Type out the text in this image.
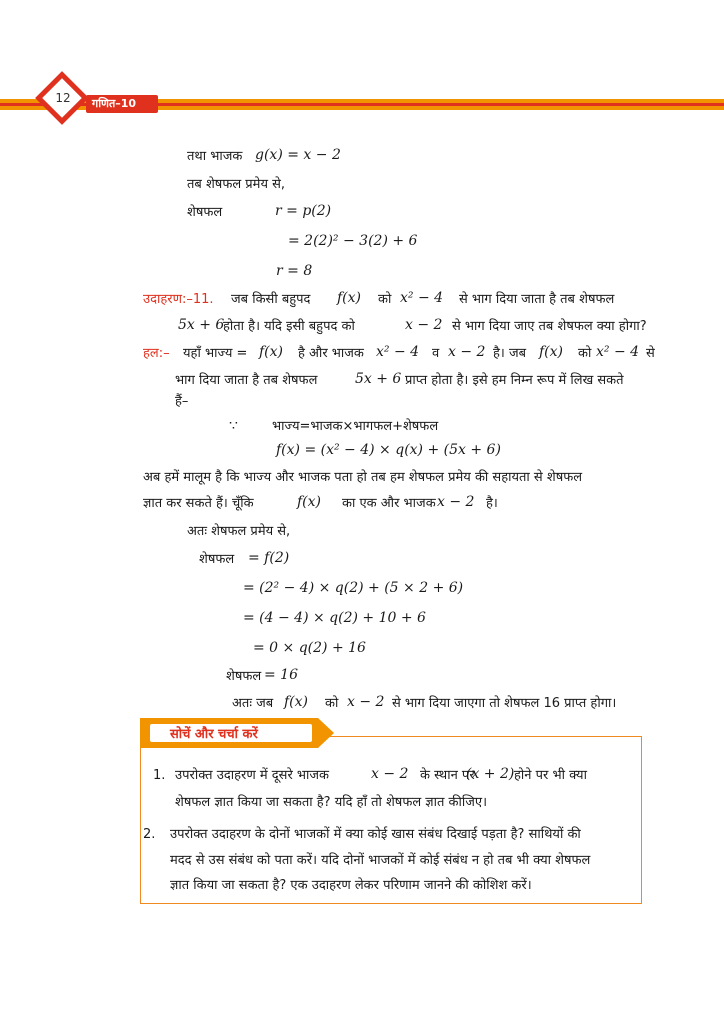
12 गणित–10
तथा भाजक g(x) = x − 2
तब शेषफल प्रमेय से,
शेषफल	r = p(2)
= 2(2)² − 3(2) + 6
r = 8
उदाहरण:–11. जब किसी बहुपद f(x) को x² − 4 से भाग दिया जाता है तब शेषफल
5x + 6
होता है। यदि इसी बहुपद को	x − 2 से भाग दिया जाए तब शेषफल क्या होगा?
हल:– यहाँ भाज्य = f(x) है और भाजक x² − 4 व x − 2 है। जब f(x) को x² − 4 से
भाग दिया जाता है तब शेषफल	5x + 6 प्राप्त होता है। इसे हम निम्न रूप में लिख सकते
हैं–
∵	भाज्य=भाजक×भागफल+शेषफल
f(x) = (x² − 4) × q(x) + (5x + 6)
अब हमें मालूम है कि भाज्य और भाजक पता हो तब हम शेषफल प्रमेय की सहायता से शेषफल
ज्ञात कर सकते हैं। चूँकि	f(x) का एक और भाजक x − 2 है।
अतः शेषफल प्रमेय से,
शेषफल = f(2)
= (2² − 4) × q(2) + (5 × 2 + 6)
= (4 − 4) × q(2) + 10 + 6
= 0 × q(2) + 16
शेषफल = 16
अतः जब f(x) को x − 2 से भाग दिया जाएगा तो शेषफल 16 प्राप्त होगा।
सोचें और चर्चा करें
1. उपरोक्त उदाहरण में दूसरे भाजक	x − 2 के स्थान पर
(x + 2) होने पर भी क्या
शेषफल ज्ञात किया जा सकता है? यदि हाँ तो शेषफल ज्ञात कीजिए।
2. उपरोक्त उदाहरण के दोनों भाजकों में क्या कोई खास संबंध दिखाई पड़ता है? साथियों की
मदद से उस संबंध को पता करें। यदि दोनों भाजकों में कोई संबंध न हो तब भी क्या शेषफल
ज्ञात किया जा सकता है? एक उदाहरण लेकर परिणाम जानने की कोशिश करें।
